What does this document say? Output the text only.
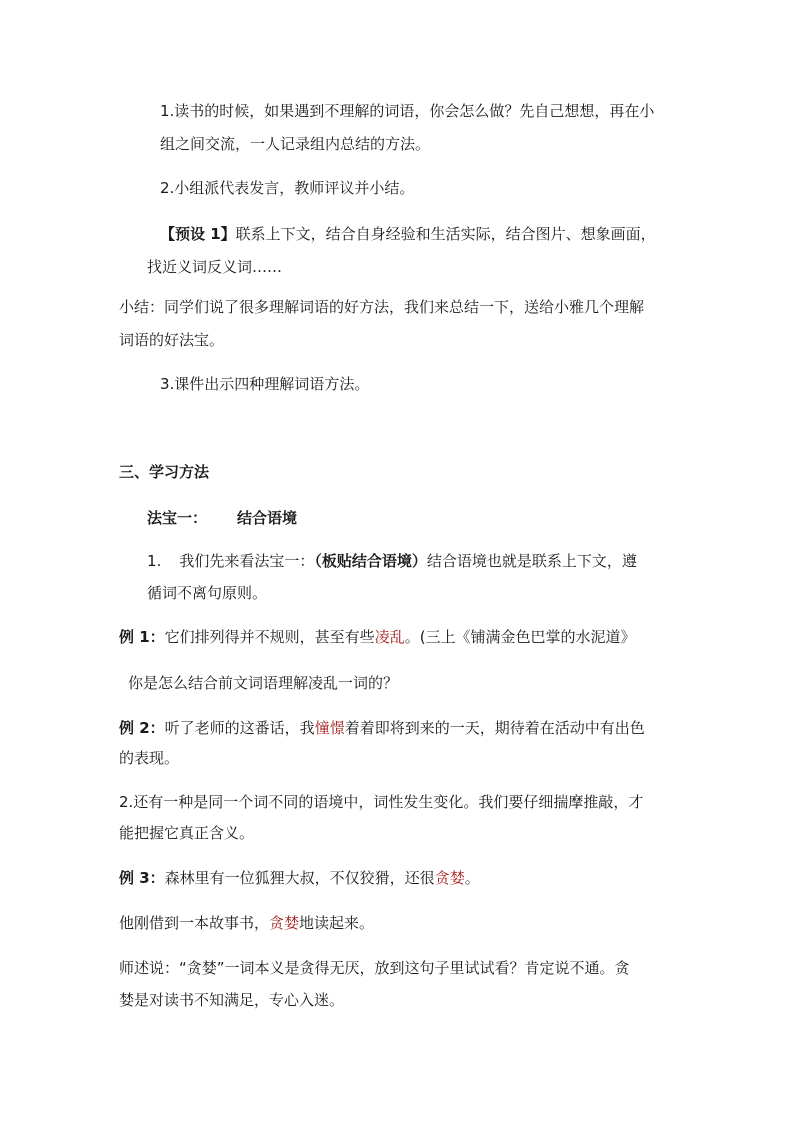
1.读书的时候，如果遇到不理解的词语，你会怎么做？先自己想想，再在小
组之间交流，一人记录组内总结的方法。
2.小组派代表发言，教师评议并小结。
【预设 1】联系上下文，结合自身经验和生活实际，结合图片、想象画面，
找近义词反义词……
小结：同学们说了很多理解词语的好方法，我们来总结一下，送给小雅几个理解
词语的好法宝。
3.课件出示四种理解词语方法。
三、学习方法
法宝一： 结合语境
1. 我们先来看法宝一：（板贴结合语境）结合语境也就是联系上下文，遵
循词不离句原则。
例 1：它们排列得并不规则，甚至有些凌乱。(三上《铺满金色巴掌的水泥道》
你是怎么结合前文词语理解凌乱一词的？
例 2：听了老师的这番话，我憧憬着着即将到来的一天，期待着在活动中有出色
的表现。
2.还有一种是同一个词不同的语境中，词性发生变化。我们要仔细揣摩推敲，才
能把握它真正含义。
例 3：森林里有一位狐狸大叔，不仅狡猾，还很贪婪。
他刚借到一本故事书，贪婪地读起来。
师述说：“贪婪”一词本义是贪得无厌，放到这句子里试试看？肯定说不通。贪
婪是对读书不知满足，专心入迷。
